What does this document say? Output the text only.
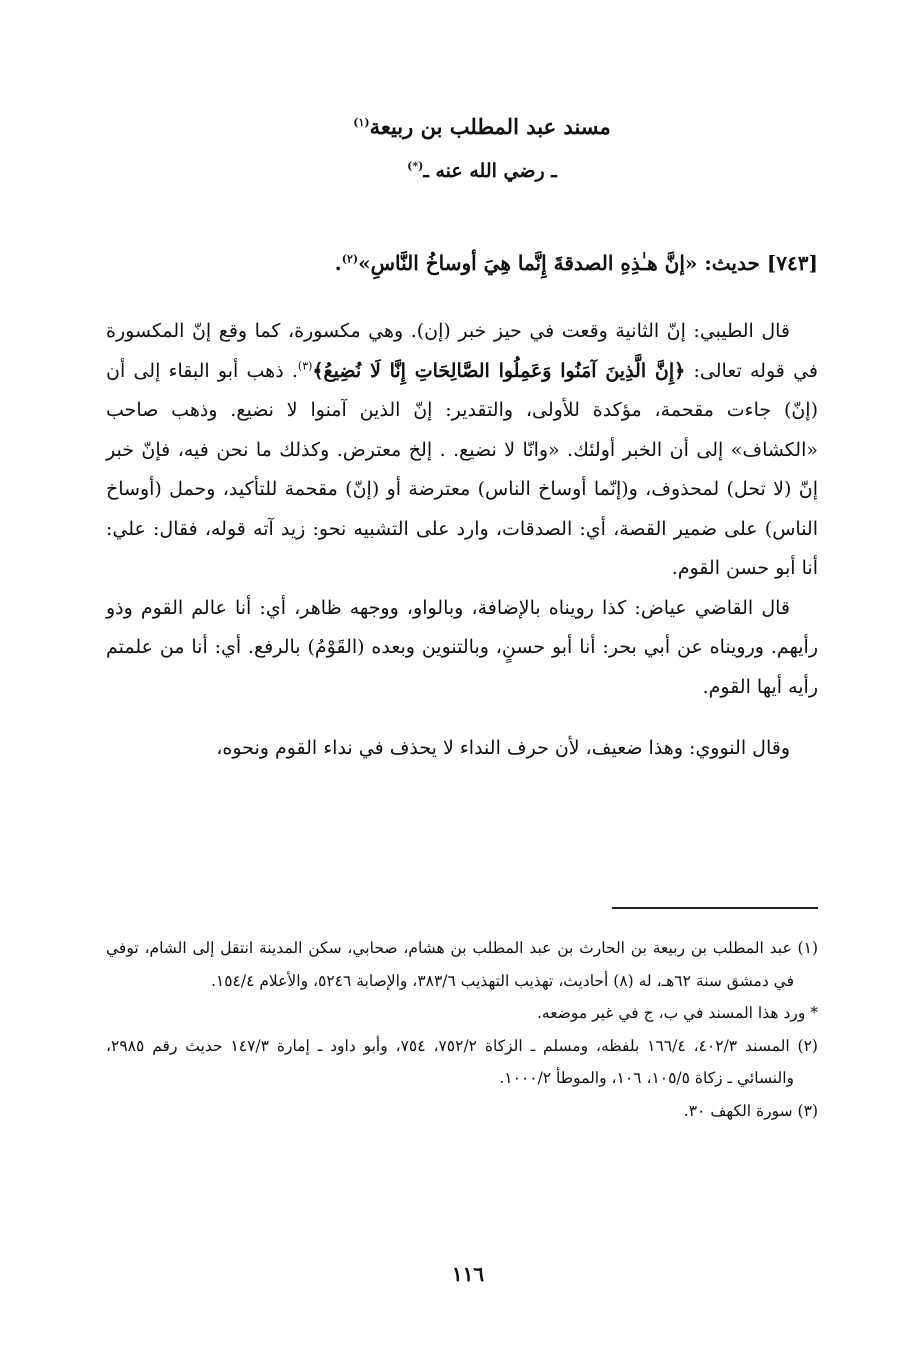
مسند عبد المطلب بن ربيعة$^{(١)}$
ـ رضي الله عنه ـ(*)
[٧٤٣] حديث: «إنَّ هـٰذِهِ الصدقةَ إِنَّما هِيَ أوساخُ النَّاسِ»$^{(٢)}$.

قال الطيبي: إنّ الثانية وقعت في حيز خبر (إن). وهي مكسورة، كما وقع إنّ المكسورة في قوله تعالى: ﴿إِنَّ الَّذِينَ آمَنُوا وَعَمِلُوا الصَّالِحَاتِ إِنَّا لَا نُضِيعُ﴾$^{(٣)}$. ذهب أبو البقاء إلى أن (إنّ) جاءت مقحمة، مؤكدة للأولى، والتقدير: إنّ الذين آمنوا لا نضيع. وذهب صاحب «الكشاف» إلى أن الخبر أولئك. «وانّا لا نضيع. . إلخ معترض. وكذلك ما نحن فيه، فإنّ خبر إنّ (لا تحل) لمحذوف، و(إنّما أوساخ الناس) معترضة أو (إنّ) مقحمة للتأكيد، وحمل (أوساخ الناس) على ضمير القصة، أي: الصدقات، وارد على التشبيه نحو: زيد آته قوله، فقال: علي: أنا أبو حسن القوم.

قال القاضي عياض: كذا رويناه بالإضافة، وبالواو، ووجهه ظاهر، أي: أنا عالم القوم وذو رأيهم. ورويناه عن أبي بحر: أنا أبو حسنٍ، وبالتنوين وبعده (القَوْمُ) بالرفع. أي: أنا من علمتم رأيه أيها القوم.

وقال النووي: وهذا ضعيف، لأن حرف النداء لا يحذف في نداء القوم ونحوه،

(١) عبد المطلب بن ربيعة بن الحارث بن عبد المطلب بن هشام، صحابي، سكن المدينة انتقل إلى الشام، توفي في دمشق سنة ٦٢هـ، له (٨) أحاديث، تهذيب التهذيب ٣٨٣/٦، والإصابة ٥٢٤٦، والأعلام ١٥٤/٤.

* ورد هذا المسند في ب، ج في غير موضعه.

(٢) المسند ٤٠٢/٣، ١٦٦/٤ بلفظه، ومسلم ـ الزكاة ٧٥٢/٢، ٧٥٤، وأبو داود ـ إمارة ١٤٧/٣ حديث رقم ٢٩٨٥، والنسائي ـ زكاة ١٠٥/٥، ١٠٦، والموطأ ١٠٠٠/٢.

(٣) سورة الكهف ٣٠.

١١٦
